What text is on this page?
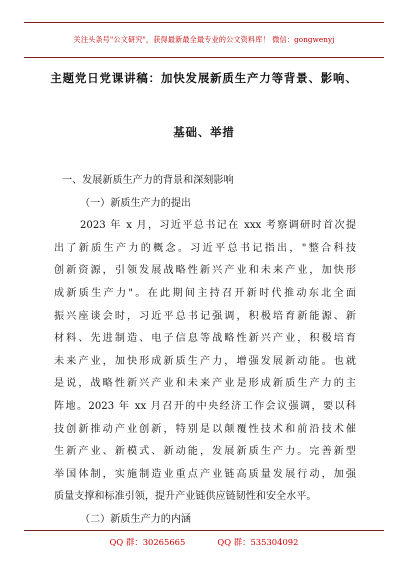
关注头条号"公文研究"，获得最新最全最专业的公文资料库！ 微信：gongwenyj
主题党日党课讲稿：加快发展新质生产力等背景、影响、
基础、举措
一、发展新质生产力的背景和深刻影响
（一）新质生产力的提出
2023 年 x 月，习近平总书记在 xxx 考察调研时首次提
出了新质生产力的概念。习近平总书记指出，"整合科技
创新资源，引领发展战略性新兴产业和未来产业，加快形
成新质生产力"。在此期间主持召开新时代推动东北全面
振兴座谈会时，习近平总书记强调，积极培育新能源、新
材料、先进制造、电子信息等战略性新兴产业，积极培育
未来产业，加快形成新质生产力，增强发展新动能。也就
是说，战略性新兴产业和未来产业是形成新质生产力的主
阵地。2023 年 xx 月召开的中央经济工作会议强调，要以科
技创新推动产业创新，特别是以颠覆性技术和前沿技术催
生新产业、新模式、新动能，发展新质生产力。完善新型
举国体制，实施制造业重点产业链高质量发展行动，加强
质量支撑和标准引领，提升产业链供应链韧性和安全水平。
（二）新质生产力的内涵
QQ 群：30265665	QQ 群：535304092
